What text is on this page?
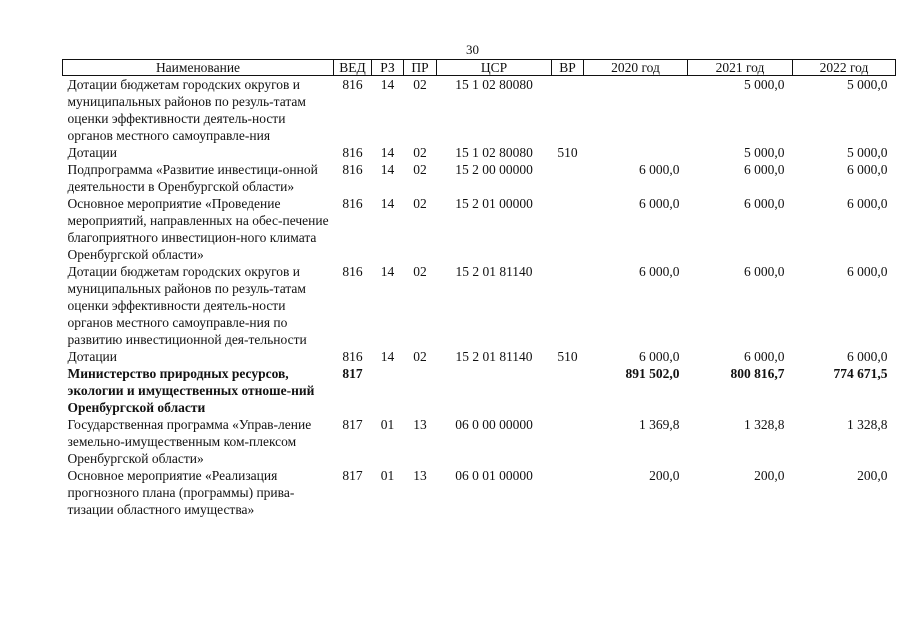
30
Наименование	ВЕД	РЗ	ПР	ЦСР	ВР	2020 год	2021 год	2022 год
Дотации бюджетам городских округов и муниципальных районов по резуль-татам оценки эффективности деятель-ности органов местного самоуправле-ния	816	14	02	15 1 02 80080			5 000,0	5 000,0
Дотации	816	14	02	15 1 02 80080	510		5 000,0	5 000,0
Подпрограмма «Развитие инвестици-онной деятельности в Оренбургской области»	816	14	02	15 2 00 00000		6 000,0	6 000,0	6 000,0
Основное мероприятие «Проведение мероприятий, направленных на обес-печение благоприятного инвестицион-ного климата Оренбургской области»	816	14	02	15 2 01 00000		6 000,0	6 000,0	6 000,0
Дотации бюджетам городских округов и муниципальных районов по резуль-татам оценки эффективности деятель-ности органов местного самоуправле-ния по развитию инвестиционной дея-тельности	816	14	02	15 2 01 81140		6 000,0	6 000,0	6 000,0
Дотации	816	14	02	15 2 01 81140	510	6 000,0	6 000,0	6 000,0
Министерство природных ресурсов, экологии и имущественных отноше-ний Оренбургской области	817					891 502,0	800 816,7	774 671,5
Государственная программа «Управ-ление земельно-имущественным ком-плексом Оренбургской области»	817	01	13	06 0 00 00000		1 369,8	1 328,8	1 328,8
Основное мероприятие «Реализация прогнозного плана (программы) прива-тизации областного имущества»	817	01	13	06 0 01 00000		200,0	200,0	200,0
